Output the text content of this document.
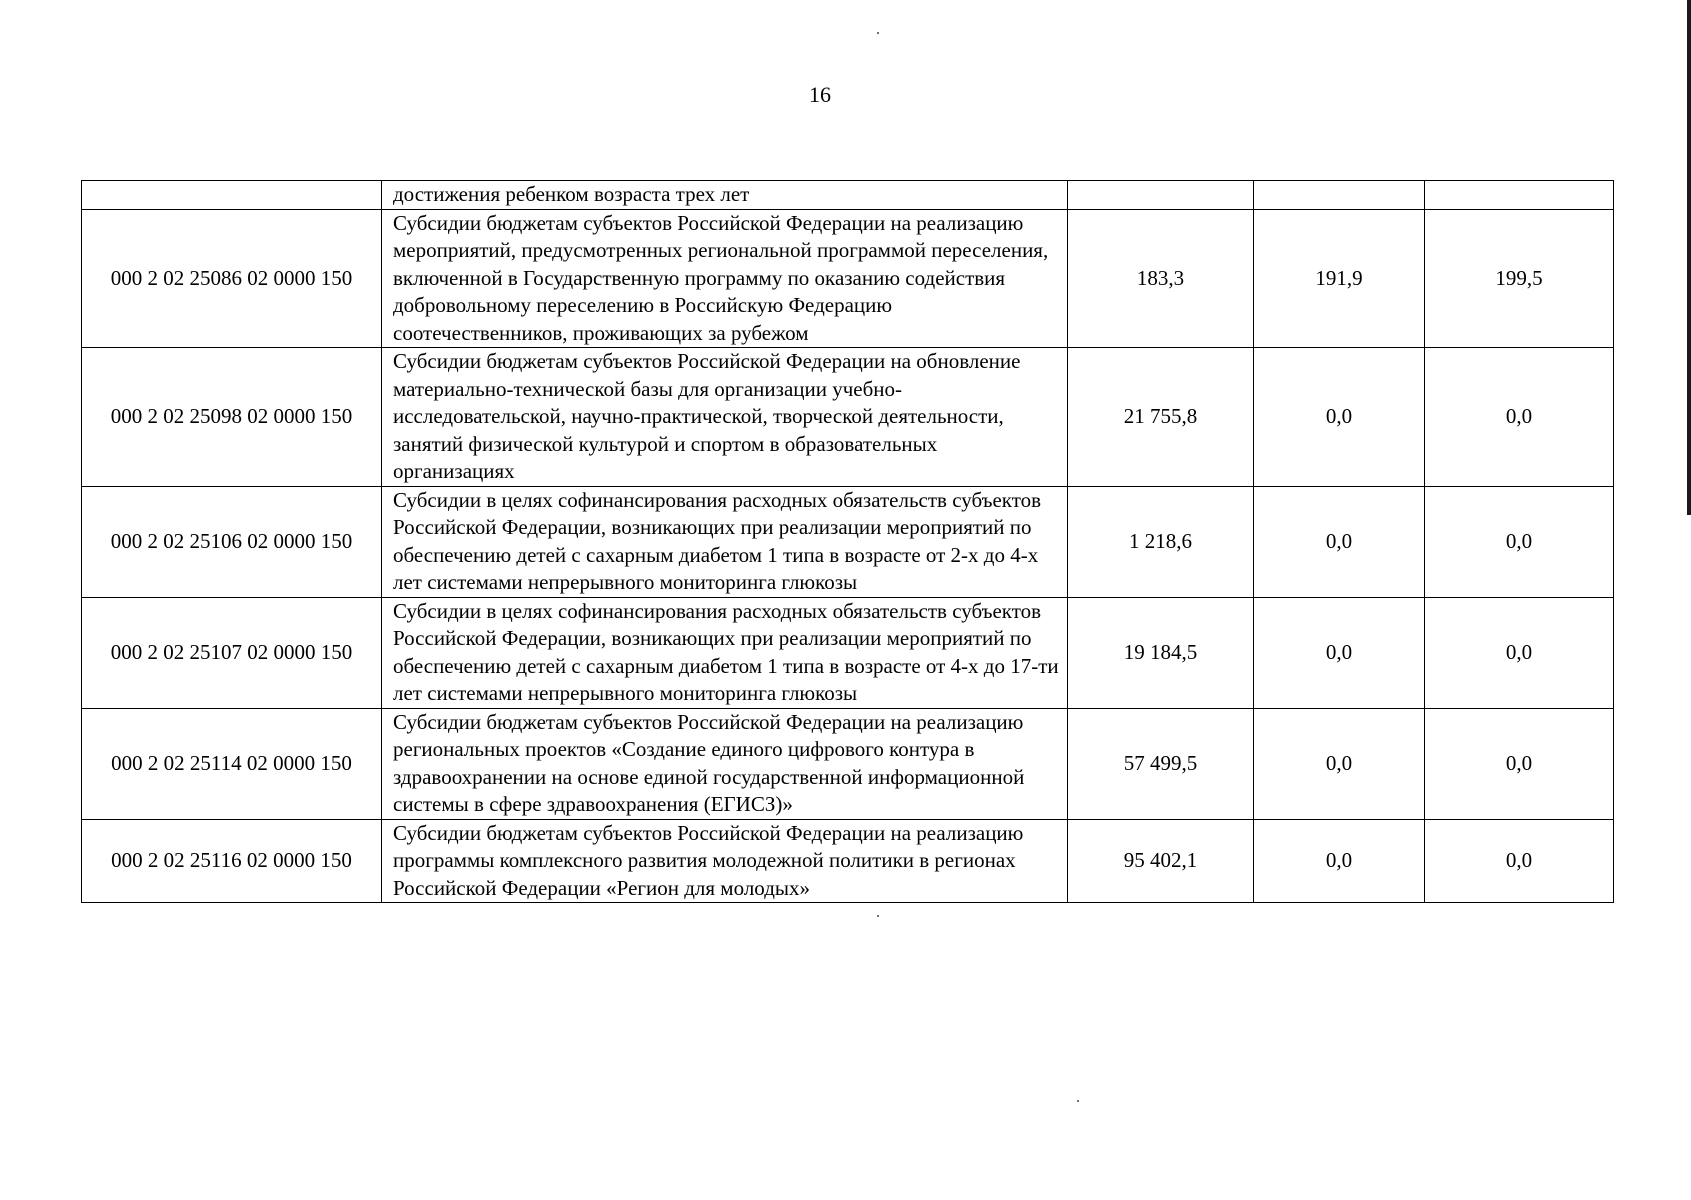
16
	достижения ребенком возраста трех лет			
000 2 02 25086 02 0000 150	Субсидии бюджетам субъектов Российской Федерации на реализацию мероприятий, предусмотренных региональной программой переселения, включенной в Государственную программу по оказанию содействия добровольному переселению в Российскую Федерацию соотечественников, проживающих за рубежом	183,3	191,9	199,5
000 2 02 25098 02 0000 150	Субсидии бюджетам субъектов Российской Федерации на обновление материально-технической базы для организации учебно-исследовательской, научно-практической, творческой деятельности, занятий физической культурой и спортом в образовательных организациях	21 755,8	0,0	0,0
000 2 02 25106 02 0000 150	Субсидии в целях софинансирования расходных обязательств субъектов Российской Федерации, возникающих при реализации мероприятий по обеспечению детей с сахарным диабетом 1 типа в возрасте от 2-х до 4-х лет системами непрерывного мониторинга глюкозы	1 218,6	0,0	0,0
000 2 02 25107 02 0000 150	Субсидии в целях софинансирования расходных обязательств субъектов Российской Федерации, возникающих при реализации мероприятий по обеспечению детей с сахарным диабетом 1 типа в возрасте от 4-х до 17-ти лет системами непрерывного мониторинга глюкозы	19 184,5	0,0	0,0
000 2 02 25114 02 0000 150	Субсидии бюджетам субъектов Российской Федерации на реализацию региональных проектов «Создание единого цифрового контура в здравоохранении на основе единой государственной информационной системы в сфере здравоохранения (ЕГИСЗ)»	57 499,5	0,0	0,0
000 2 02 25116 02 0000 150	Субсидии бюджетам субъектов Российской Федерации на реализацию программы комплексного развития молодежной политики в регионах Российской Федерации «Регион для молодых»	95 402,1	0,0	0,0
